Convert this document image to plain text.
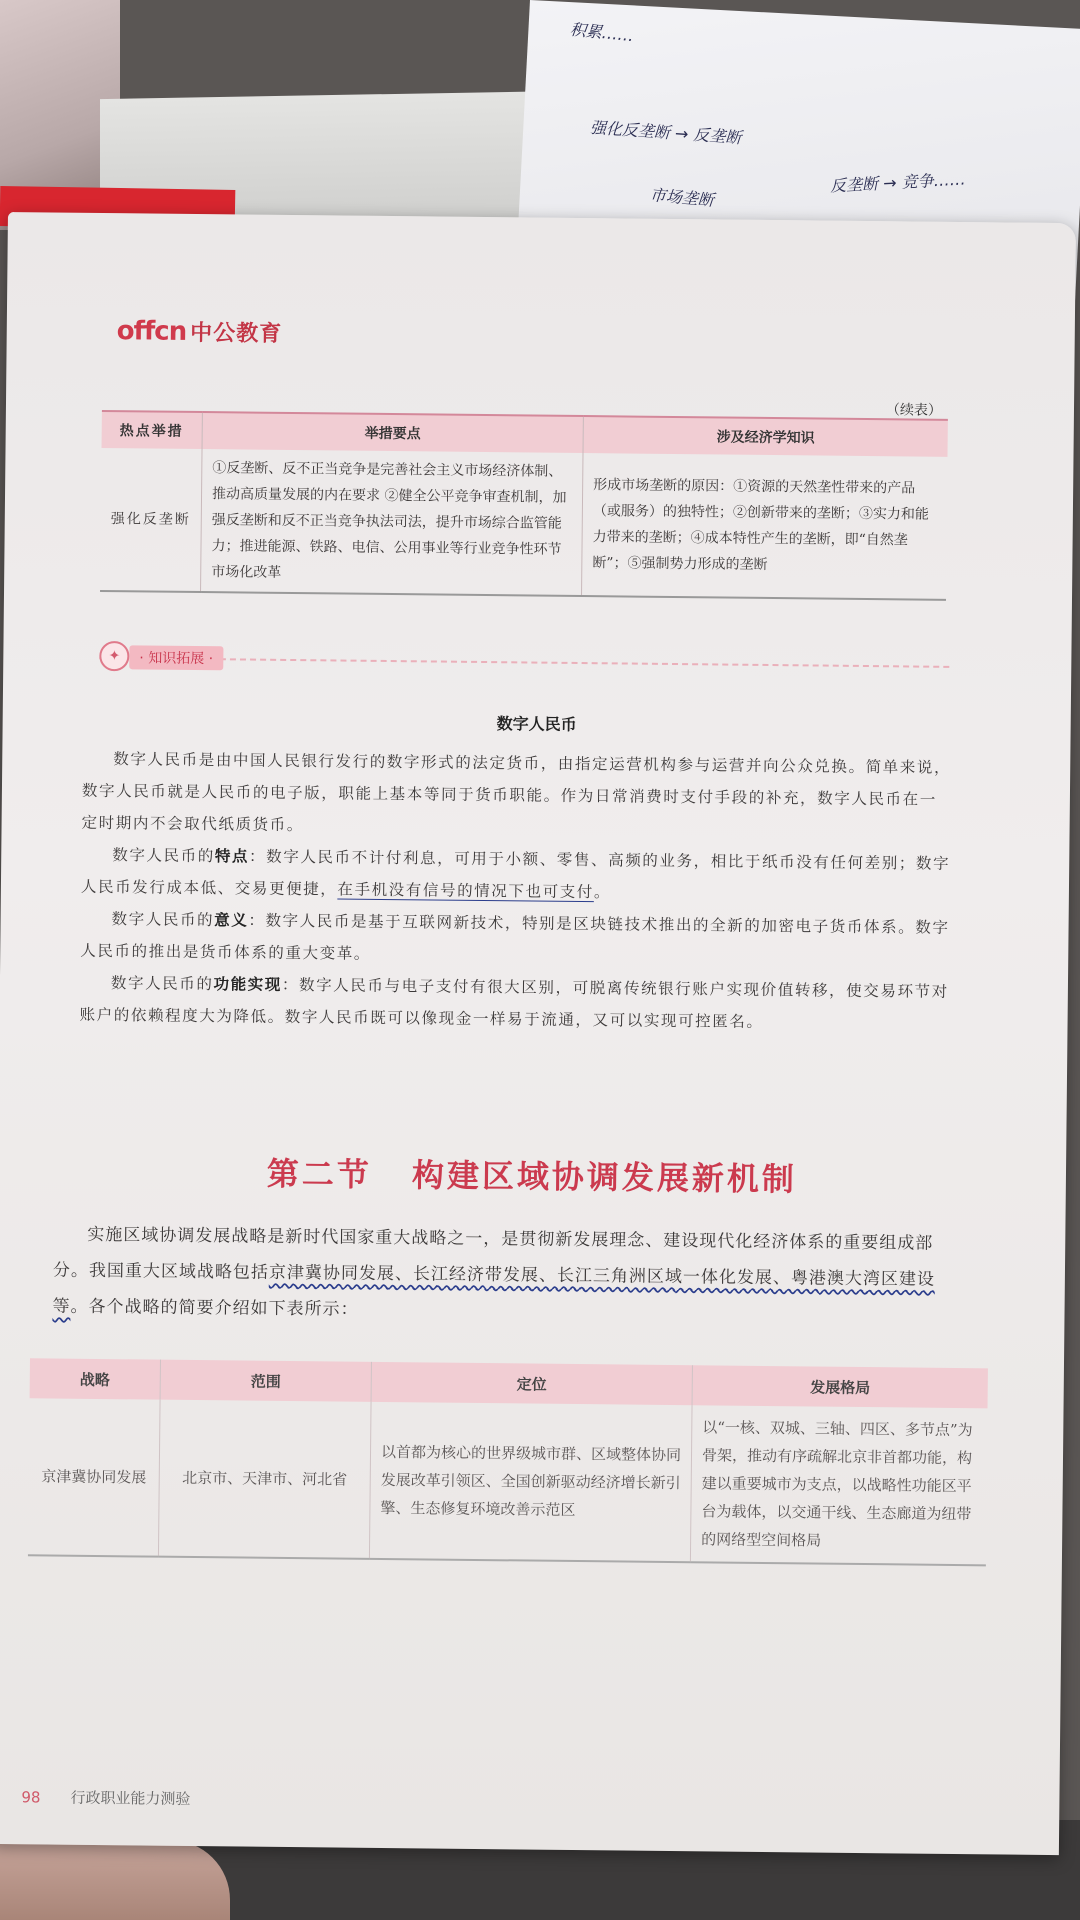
积累……
强化反垄断 → 反垄断
反垄断 → 竞争……
市场垄断
offcn 中公教育
（续表）
热点举措	举措要点	涉及经济学知识
强化反垄断	①反垄断、反不正当竞争是完善社会主义市场经济体制、推动高质量发展的内在要求 ②健全公平竞争审查机制，加强反垄断和反不正当竞争执法司法，提升市场综合监管能力；推进能源、铁路、电信、公用事业等行业竞争性环节市场化改革	形成市场垄断的原因：①资源的天然垄性带来的产品（或服务）的独特性；②创新带来的垄断；③实力和能力带来的垄断；④成本特性产生的垄断，即“自然垄断”；⑤强制势力形成的垄断
✦	· 知识拓展 ·
数字人民币
数字人民币是由中国人民银行发行的数字形式的法定货币，由指定运营机构参与运营并向公众兑换。简单来说，数字人民币就是人民币的电子版，职能上基本等同于货币职能。作为日常消费时支付手段的补充，数字人民币在一定时期内不会取代纸质货币。
数字人民币的特点：数字人民币不计付利息，可用于小额、零售、高频的业务，相比于纸币没有任何差别；数字人民币发行成本低、交易更便捷，在手机没有信号的情况下也可支付。
数字人民币的意义：数字人民币是基于互联网新技术，特别是区块链技术推出的全新的加密电子货币体系。数字人民币的推出是货币体系的重大变革。
数字人民币的功能实现：数字人民币与电子支付有很大区别，可脱离传统银行账户实现价值转移，使交易环节对账户的依赖程度大为降低。数字人民币既可以像现金一样易于流通，又可以实现可控匿名。
第二节 构建区域协调发展新机制
实施区域协调发展战略是新时代国家重大战略之一，是贯彻新发展理念、建设现代化经济体系的重要组成部分。我国重大区域战略包括京津冀协同发展、长江经济带发展、长江三角洲区域一体化发展、粤港澳大湾区建设等。各个战略的简要介绍如下表所示：
战略	范围	定位	发展格局
京津冀协同发展	北京市、天津市、河北省	以首都为核心的世界级城市群、区域整体协同发展改革引领区、全国创新驱动经济增长新引擎、生态修复环境改善示范区	以“一核、双城、三轴、四区、多节点”为骨架，推动有序疏解北京非首都功能，构建以重要城市为支点，以战略性功能区平台为载体，以交通干线、生态廊道为纽带的网络型空间格局
98 行政职业能力测验
